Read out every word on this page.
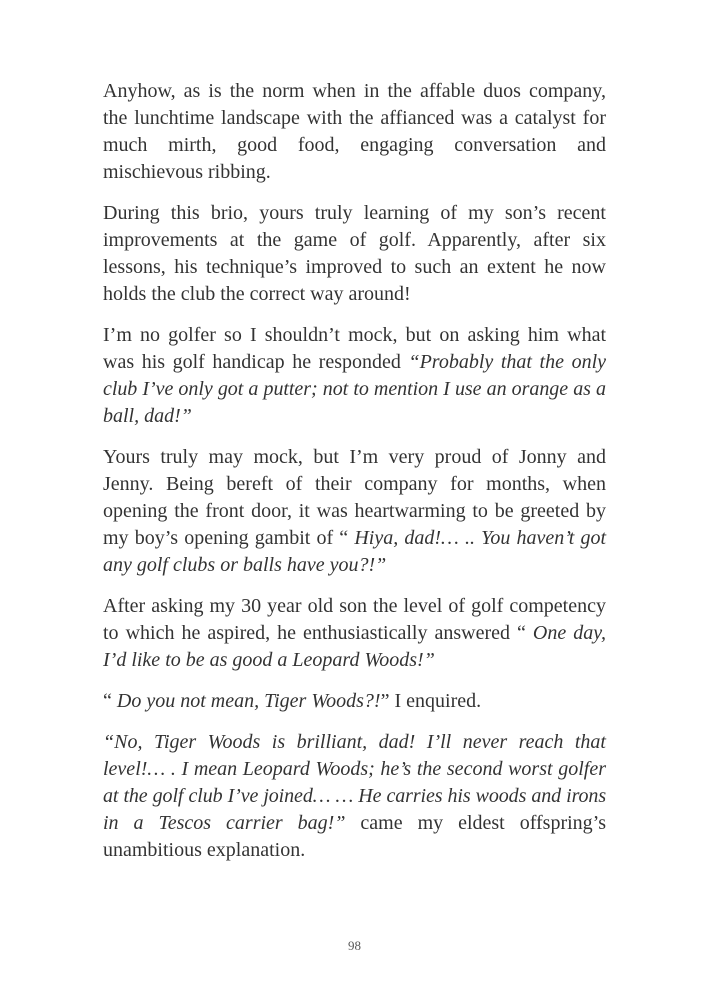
Anyhow, as is the norm when in the affable duos company,
the lunchtime landscape with the affianced was a catalyst for
much mirth, good food, engaging conversation and
mischievous ribbing.
During this brio, yours truly learning of my son’s recent
improvements at the game of golf. Apparently, after six
lessons, his technique’s improved to such an extent he now
holds the club the correct way around!
I’m no golfer so I shouldn’t mock, but on asking him what
was his golf handicap he responded “Probably that the only
club I’ve only got a putter; not to mention I use an orange as a
ball, dad!”
Yours truly may mock, but I’m very proud of Jonny and
Jenny. Being bereft of their company for months, when
opening the front door, it was heartwarming to be greeted by
my boy’s opening gambit of “ Hiya, dad!… .. You haven’t got
any golf clubs or balls have you?!”
After asking my 30 year old son the level of golf competency
to which he aspired, he enthusiastically answered “ One day,
I’d like to be as good a Leopard Woods!”
“ Do you not mean, Tiger Woods?!” I enquired.
“No, Tiger Woods is brilliant, dad! I’ll never reach that
level!… . I mean Leopard Woods; he’s the second worst golfer
at the golf club I’ve joined… … He carries his woods and irons
in a Tescos carrier bag!” came my eldest offspring’s
unambitious explanation.
98
